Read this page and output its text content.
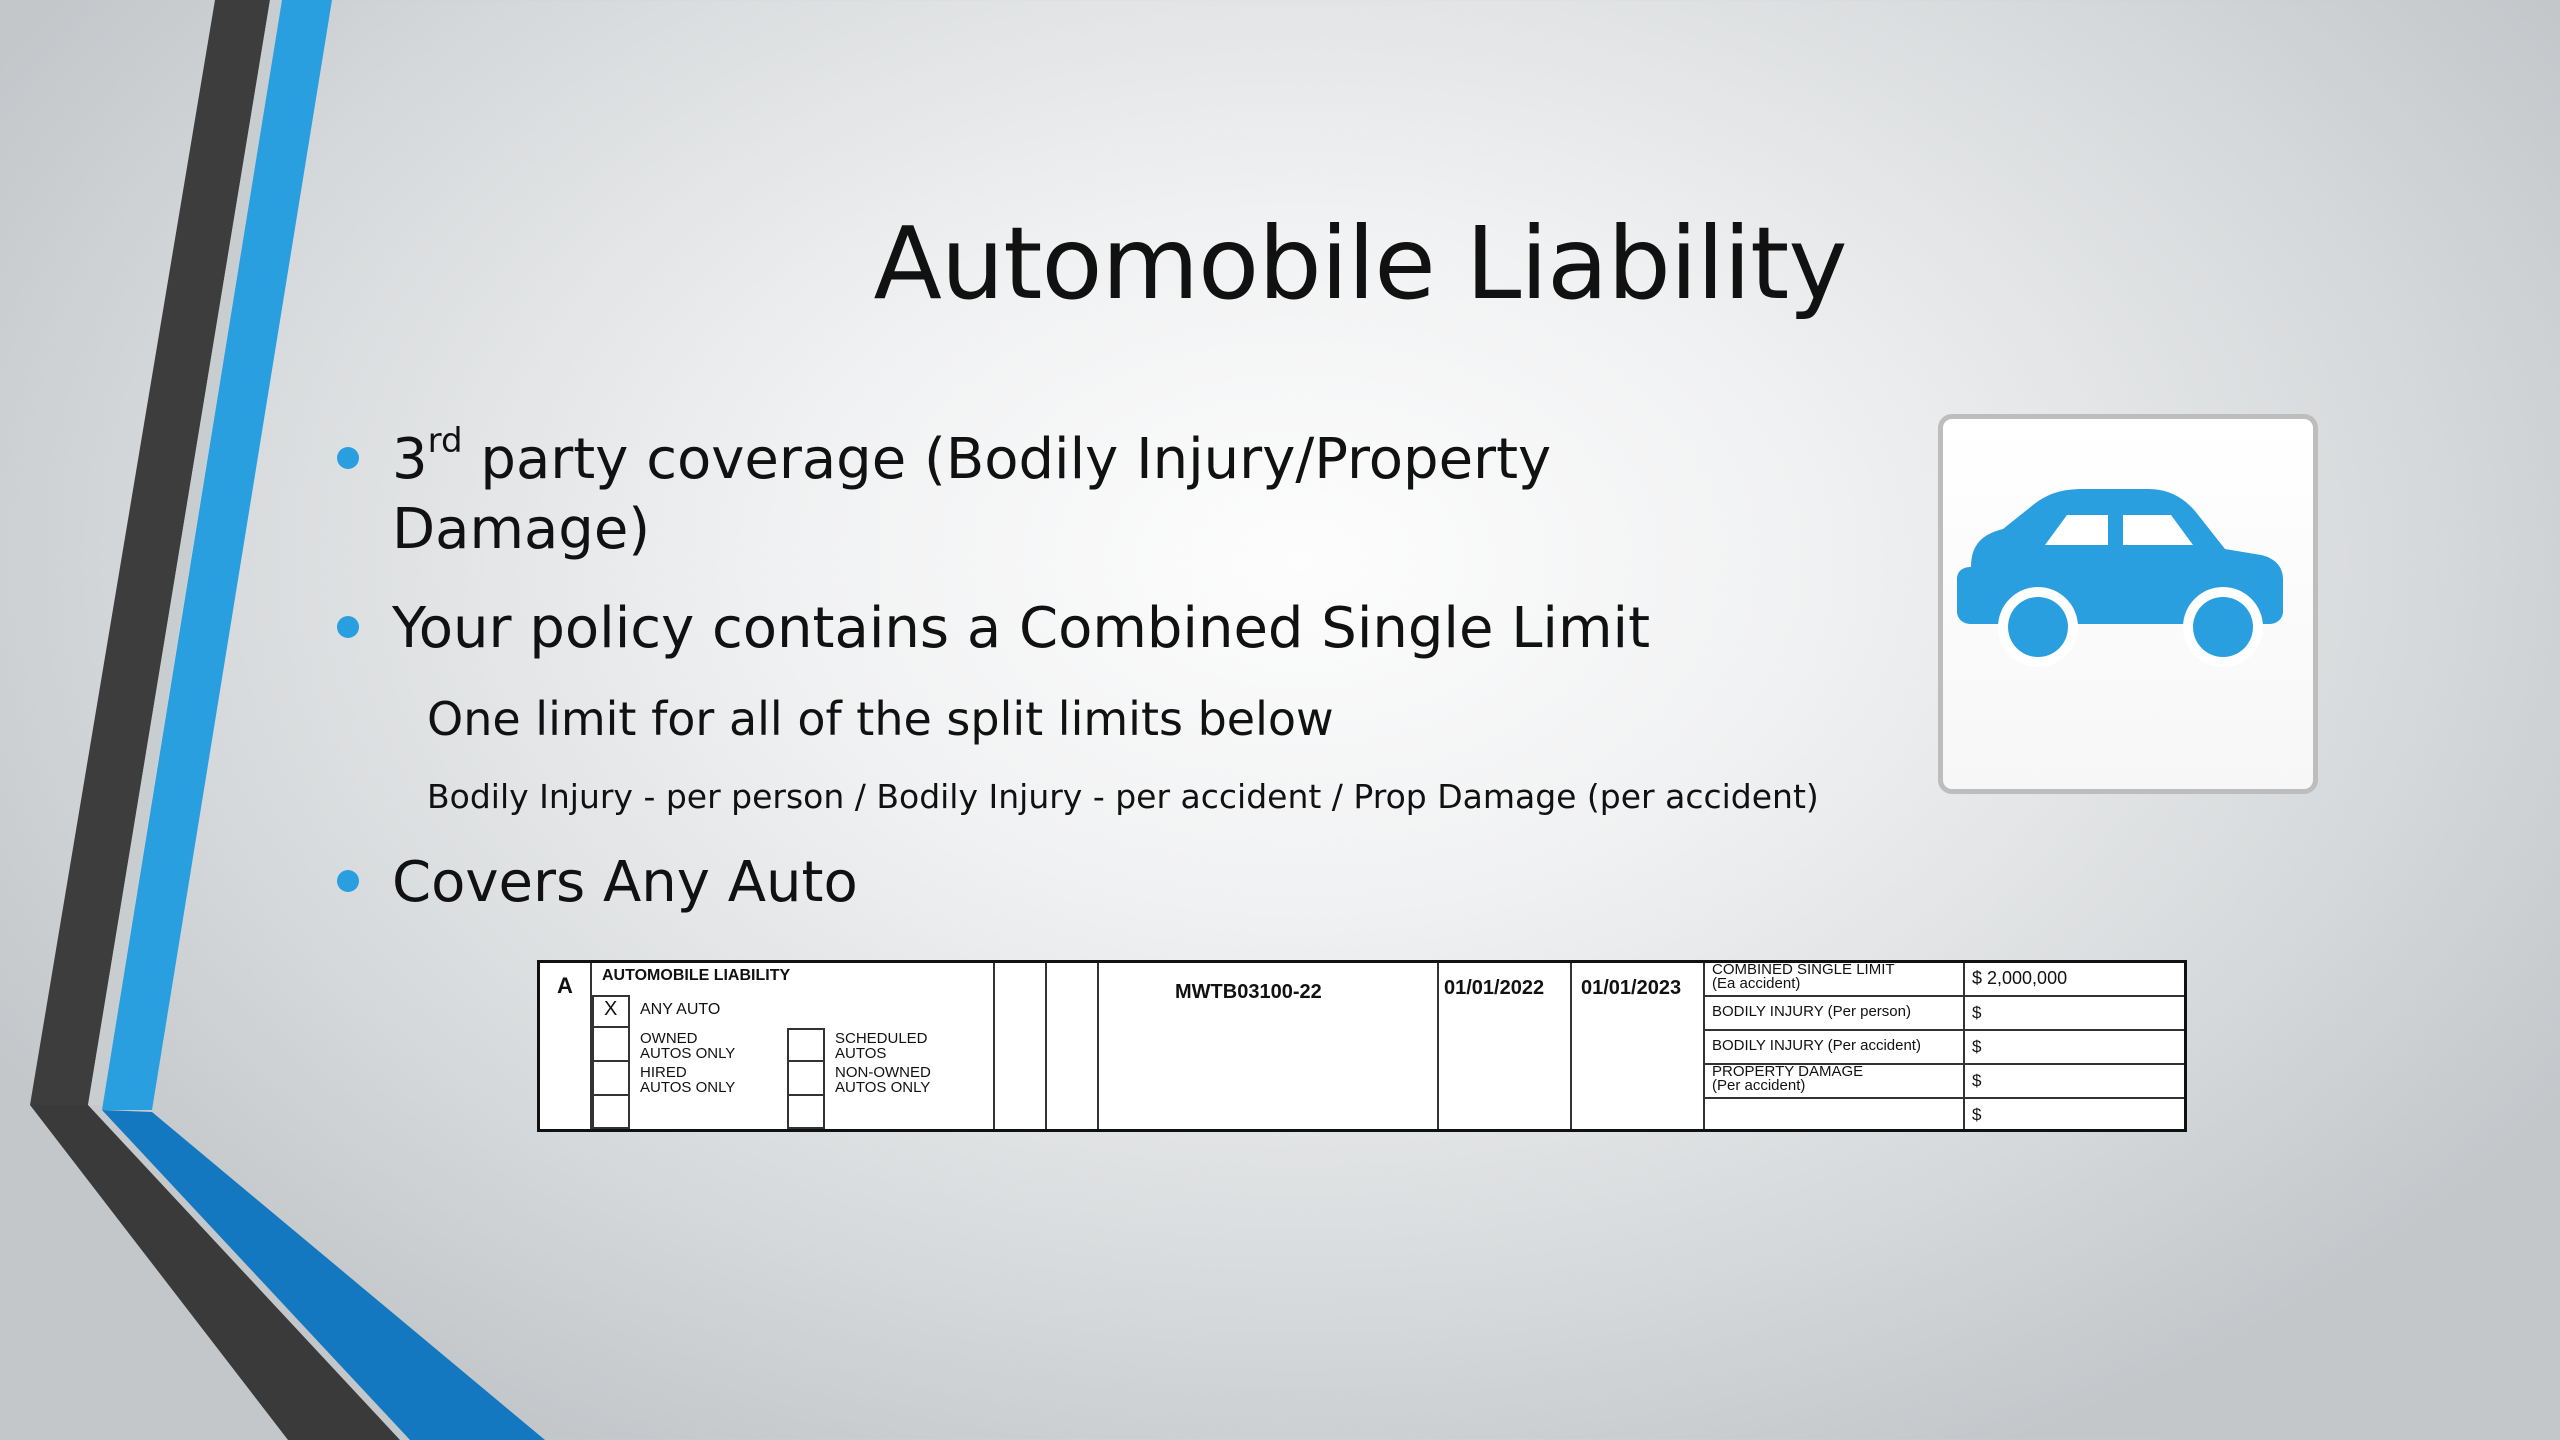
Automobile Liability
3rd party coverage (Bodily Injury/Property
Damage)
Your policy contains a Combined Single Limit
One limit for all of the split limits below
Bodily Injury - per person / Bodily Injury - per accident / Prop Damage (per accident)
Covers Any Auto
A AUTOMOBILE LIABILITY
X ANY AUTO
OWNED
AUTOS ONLY
HIRED
AUTOS ONLY
SCHEDULED
AUTOS
NON-OWNED
AUTOS ONLY
MWTB03100-22	01/01/2022 01/01/2023
COMBINED SINGLE LIMIT
(Ea accident)	$ 2,000,000
BODILY INJURY (Per person)	$
BODILY INJURY (Per accident)	$
PROPERTY DAMAGE
(Per accident)	$
$
